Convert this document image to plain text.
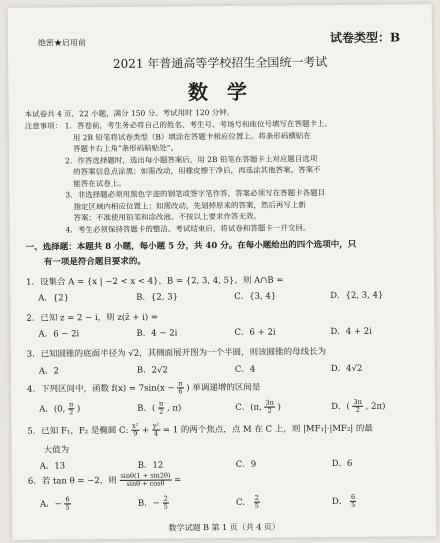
绝密★启用前	试卷类型：B
2021 年普通高等学校招生全国统一考试
数 学
本试卷共 4 页，22 小题，满分 150 分。考试用时 120 分钟。
注意事项： 1．答卷前，考生务必将自己的姓名、考生号、考场号和座位号填写在答题卡上。
用 2B 铅笔将试卷类型（B）填涂在答题卡相应位置上。将条形码横贴在
答题卡右上角“条形码粘贴处”。
2．作答选择题时，选出每小题答案后，用 2B 铅笔在答题卡上对应题目选项
的答案信息点涂黑；如需改动，用橡皮擦干净后，再选涂其他答案。答案不
能答在试卷上。
3．非选择题必须用黑色字迹的钢笔或签字笔作答，答案必须写在答题卡各题目
指定区域内相应位置上；如需改动，先划掉原来的答案，然后再写上新
答案；不准使用铅笔和涂改液。不按以上要求作答无效。
4．考生必须保持答题卡的整洁。考试结束后，将试卷和答题卡一并交回。
一、选择题：本题共 8 小题，每小题 5 分，共 40 分。在每小题给出的四个选项中，只
有一项是符合题目要求的。
1．设集合 A = {x | −2 < x < 4}，B = {2, 3, 4, 5}，则 A∩B =
A．{2}	B．{2, 3}	C．{3, 4}	D．{2, 3, 4}
2．已知 z = 2 − i，则 z(z̄ + i) =
A．6 − 2i	B．4 − 2i	C．6 + 2i	D．4 + 2i
3．已知圆锥的底面半径为 √2，其侧面展开图为一个半圆，则该圆锥的母线长为
A．2	B．2√2	C．4	D．4√2
4．下列区间中，函数 $f(x) = 7\sin(x - \frac{\pi}{6}$ ) 单调递增的区间是
A．(0, $\frac{\pi}{2}$ )	B．( $\frac{\pi}{2}$ , π)	C．(π, $\frac{3\pi}{2}$ )	D．( $\frac{3\pi}{2}$ , 2π)
5．已知 F₁，F₂ 是椭圆 C: $\frac{\text{x²}}{9} + \frac{\text{y²}}{4} = 1$ 的两个焦点，点 M 在 C 上，则 |MF₁|·|MF₂| 的最
大值为
A．13	B．12	C．9	D．6
6．若 tan θ = −2，则 $\frac{\sin\theta(1 + \sin 2\theta)}{\sin\theta + \cos\theta}$ =
A．− $\frac{6}{5}$	B．− $\frac{2}{5}$	C． $\frac{2}{5}$	D． $\frac{6}{5}$
数学试题 B 第 1 页（共 4 页）
